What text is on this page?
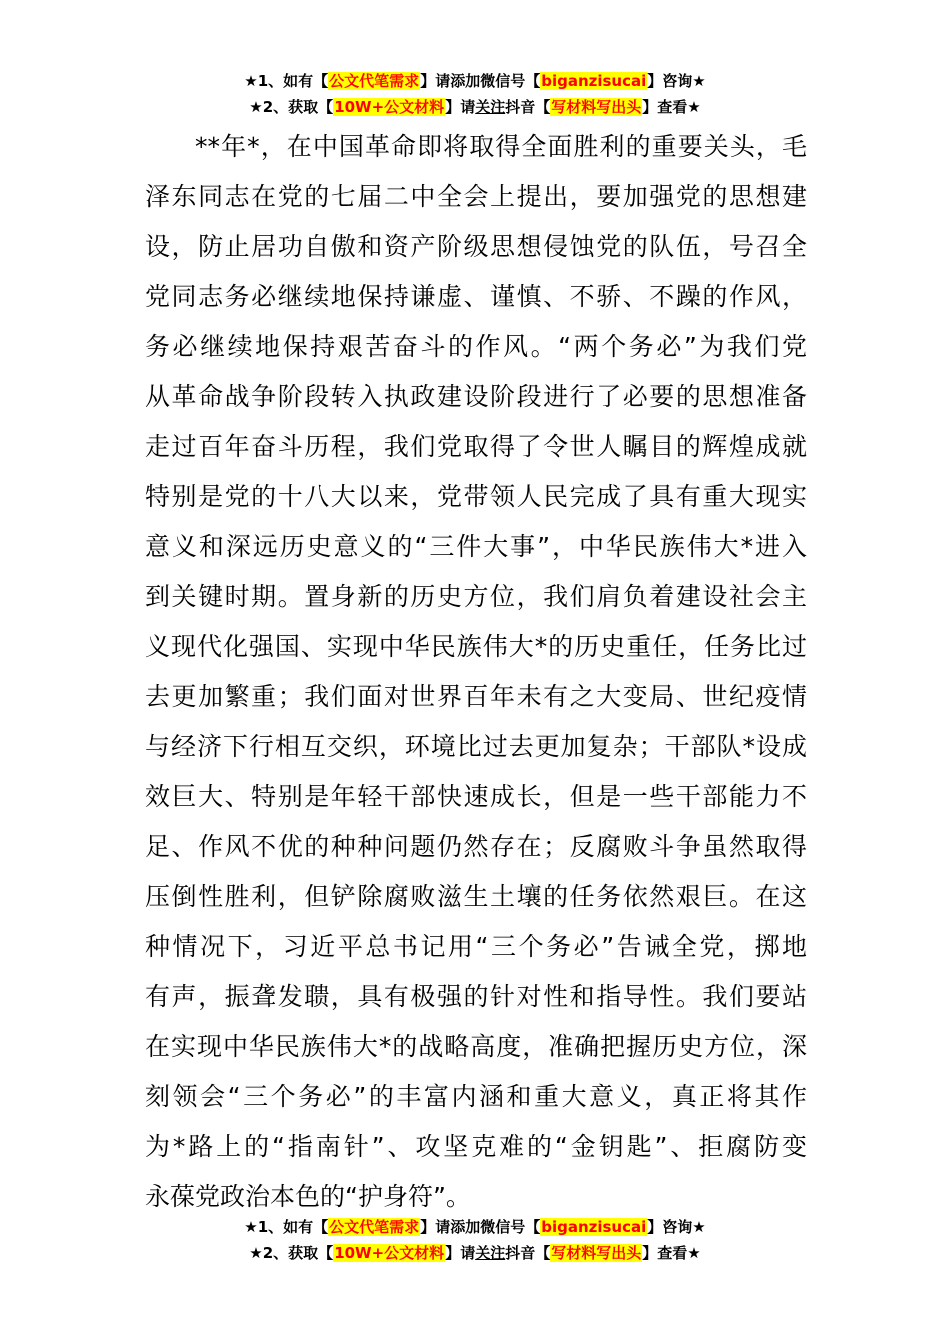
★1、如有【公文代笔需求】请添加微信号【biganzisucai】咨询★
★2、获取【10W+公文材料】请关注抖音【写材料写出头】查看★
**年*，在中国革命即将取得全面胜利的重要关头，毛
泽东同志在党的七届二中全会上提出，要加强党的思想建
设，防止居功自傲和资产阶级思想侵蚀党的队伍，号召全
党同志务必继续地保持谦虚、谨慎、不骄、不躁的作风，
务必继续地保持艰苦奋斗的作风。“两个务必”为我们党
从革命战争阶段转入执政建设阶段进行了必要的思想准备
走过百年奋斗历程，我们党取得了令世人瞩目的辉煌成就
特别是党的十八大以来，党带领人民完成了具有重大现实
意义和深远历史意义的“三件大事”，中华民族伟大*进入
到关键时期。置身新的历史方位，我们肩负着建设社会主
义现代化强国、实现中华民族伟大*的历史重任，任务比过
去更加繁重；我们面对世界百年未有之大变局、世纪疫情
与经济下行相互交织，环境比过去更加复杂；干部队*设成
效巨大、特别是年轻干部快速成长，但是一些干部能力不
足、作风不优的种种问题仍然存在；反腐败斗争虽然取得
压倒性胜利，但铲除腐败滋生土壤的任务依然艰巨。在这
种情况下，习近平总书记用“三个务必”告诫全党，掷地
有声，振聋发聩，具有极强的针对性和指导性。我们要站
在实现中华民族伟大*的战略高度，准确把握历史方位，深
刻领会“三个务必”的丰富内涵和重大意义，真正将其作
为*路上的“指南针”、攻坚克难的“金钥匙”、拒腐防变
永葆党政治本色的“护身符”。
★1、如有【公文代笔需求】请添加微信号【biganzisucai】咨询★
★2、获取【10W+公文材料】请关注抖音【写材料写出头】查看★
